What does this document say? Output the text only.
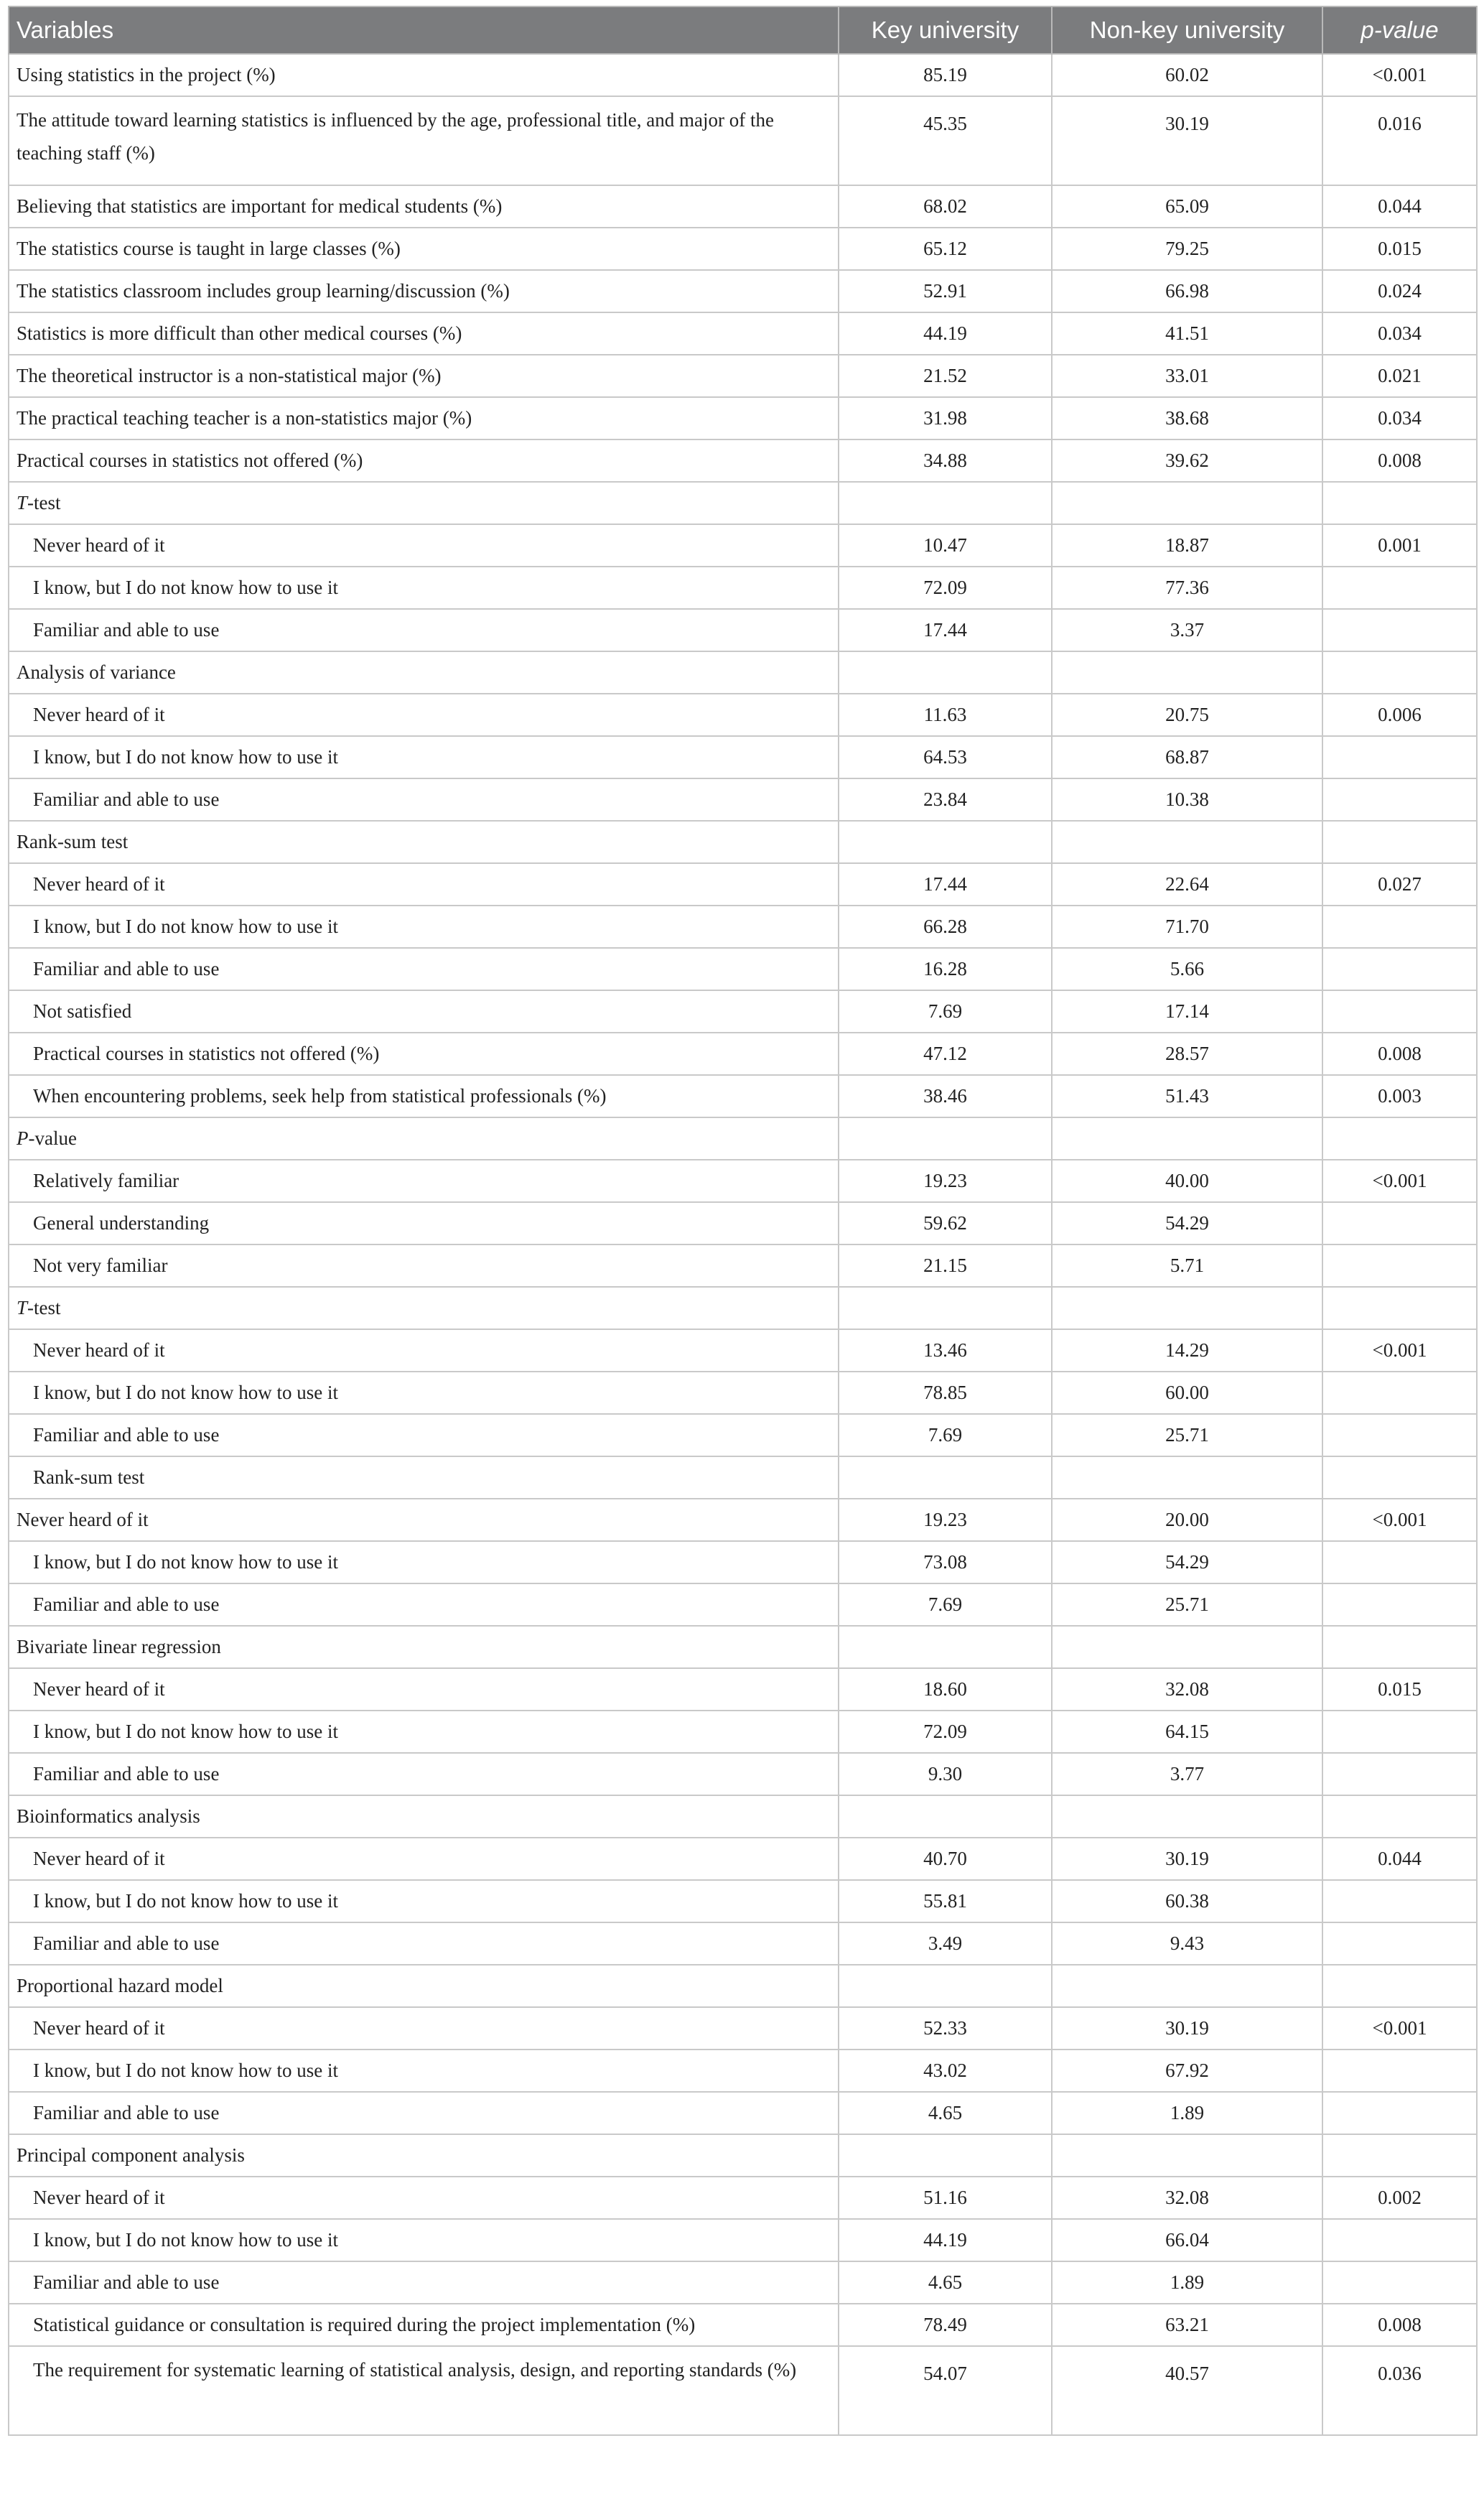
Variables	Key university	Non-key university	p-value
Using statistics in the project (%)	85.19	60.02	<0.001
The attitude toward learning statistics is influenced by the age, professional title, and major of the teaching staff (%)	45.35	30.19	0.016
Believing that statistics are important for medical students (%)	68.02	65.09	0.044
The statistics course is taught in large classes (%)	65.12	79.25	0.015
The statistics classroom includes group learning/discussion (%)	52.91	66.98	0.024
Statistics is more difficult than other medical courses (%)	44.19	41.51	0.034
The theoretical instructor is a non-statistical major (%)	21.52	33.01	0.021
The practical teaching teacher is a non-statistics major (%)	31.98	38.68	0.034
Practical courses in statistics not offered (%)	34.88	39.62	0.008
T-test			
Never heard of it	10.47	18.87	0.001
I know, but I do not know how to use it	72.09	77.36	
Familiar and able to use	17.44	3.37	
Analysis of variance			
Never heard of it	11.63	20.75	0.006
I know, but I do not know how to use it	64.53	68.87	
Familiar and able to use	23.84	10.38	
Rank-sum test			
Never heard of it	17.44	22.64	0.027
I know, but I do not know how to use it	66.28	71.70	
Familiar and able to use	16.28	5.66	
Not satisfied	7.69	17.14	
Practical courses in statistics not offered (%)	47.12	28.57	0.008
When encountering problems, seek help from statistical professionals (%)	38.46	51.43	0.003
P-value			
Relatively familiar	19.23	40.00	<0.001
General understanding	59.62	54.29	
Not very familiar	21.15	5.71	
T-test			
Never heard of it	13.46	14.29	<0.001
I know, but I do not know how to use it	78.85	60.00	
Familiar and able to use	7.69	25.71	
Rank-sum test			
Never heard of it	19.23	20.00	<0.001
I know, but I do not know how to use it	73.08	54.29	
Familiar and able to use	7.69	25.71	
Bivariate linear regression			
Never heard of it	18.60	32.08	0.015
I know, but I do not know how to use it	72.09	64.15	
Familiar and able to use	9.30	3.77	
Bioinformatics analysis			
Never heard of it	40.70	30.19	0.044
I know, but I do not know how to use it	55.81	60.38	
Familiar and able to use	3.49	9.43	
Proportional hazard model			
Never heard of it	52.33	30.19	<0.001
I know, but I do not know how to use it	43.02	67.92	
Familiar and able to use	4.65	1.89	
Principal component analysis			
Never heard of it	51.16	32.08	0.002
I know, but I do not know how to use it	44.19	66.04	
Familiar and able to use	4.65	1.89	
Statistical guidance or consultation is required during the project implementation (%)	78.49	63.21	0.008
The requirement for systematic learning of statistical analysis, design, and reporting standards (%)	54.07	40.57	0.036
